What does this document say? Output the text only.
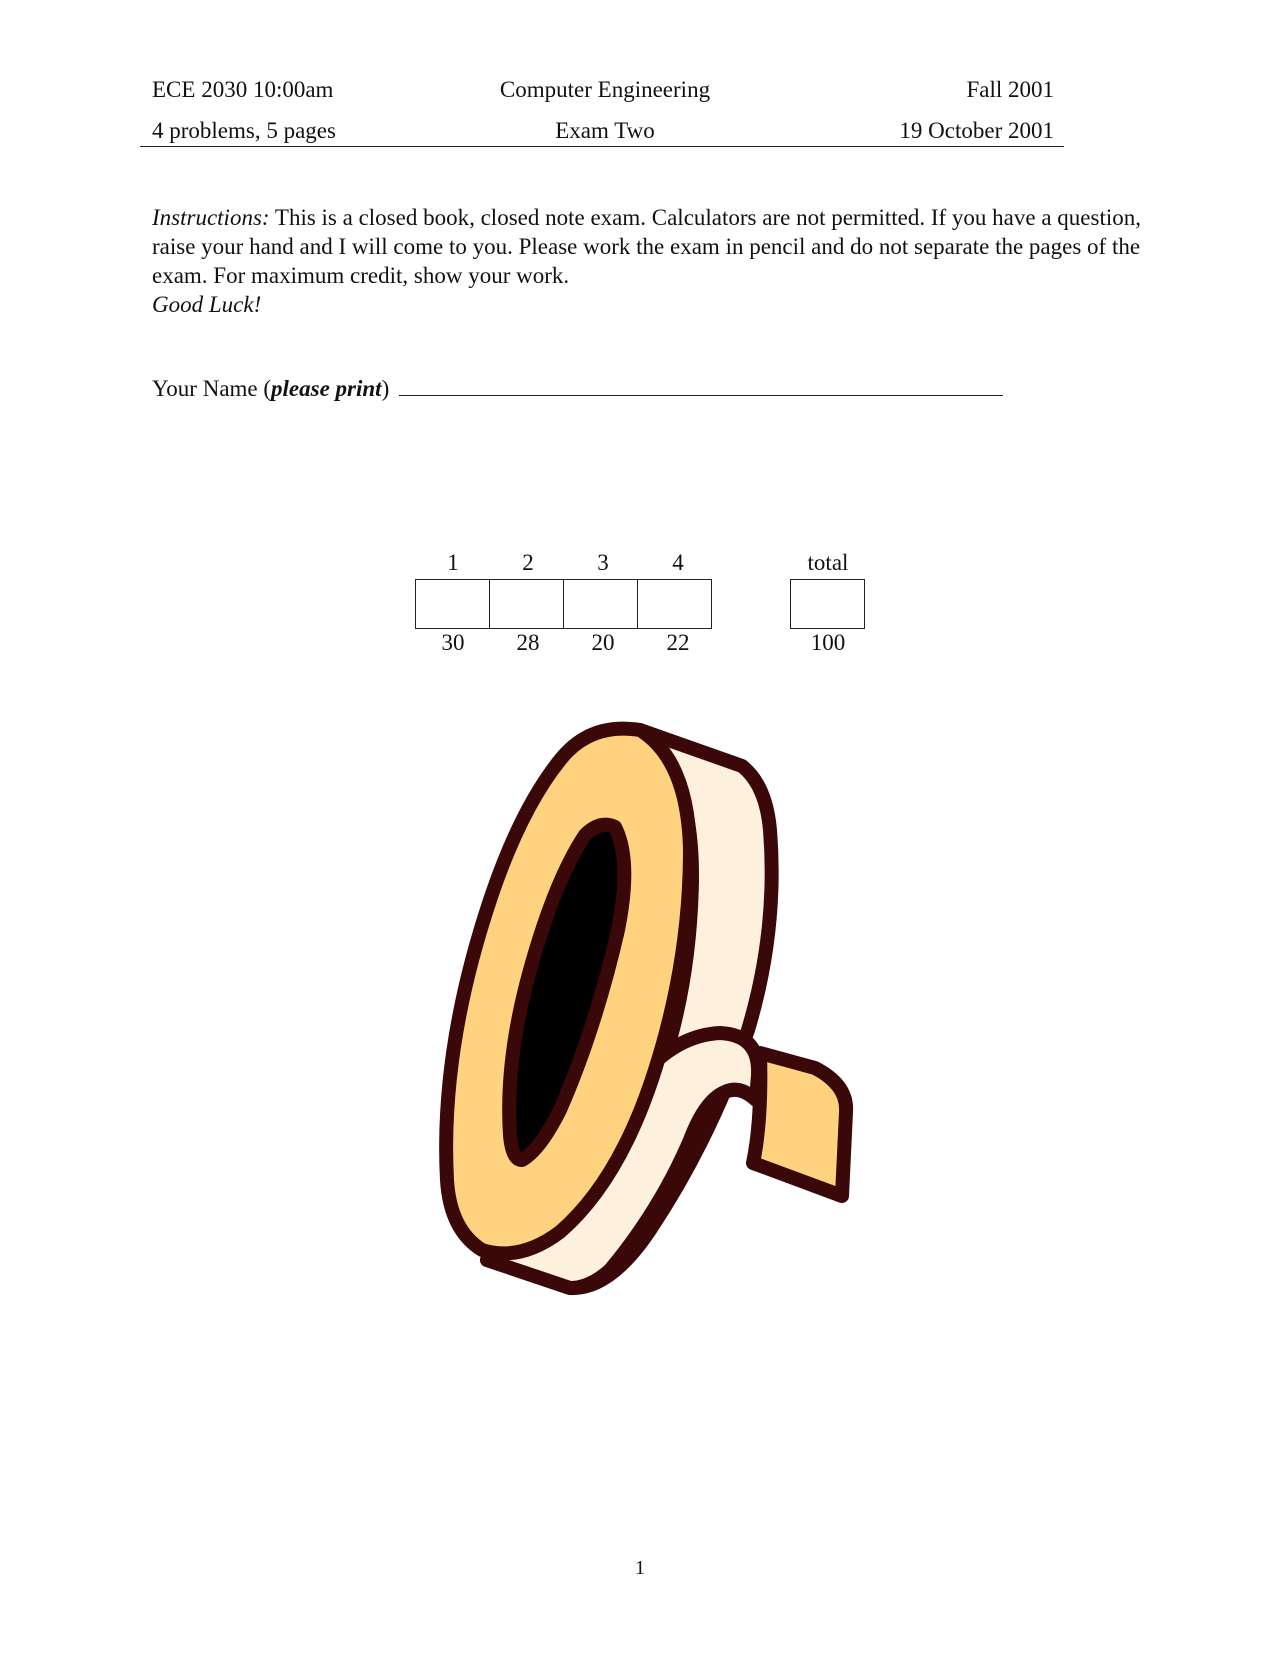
ECE 2030 10:00am	Computer Engineering	Fall 2001
4 problems, 5 pages	Exam Two	19 October 2001
Instructions: This is a closed book, closed note exam. Calculators are not permitted. If you have a question, raise your hand and I will come to you. Please work the exam in pencil and do not separate the pages of the exam. For maximum credit, show your work.
Good Luck!
Your Name (please print)
1	2	3	4	total
30	28	20	22	100
1
